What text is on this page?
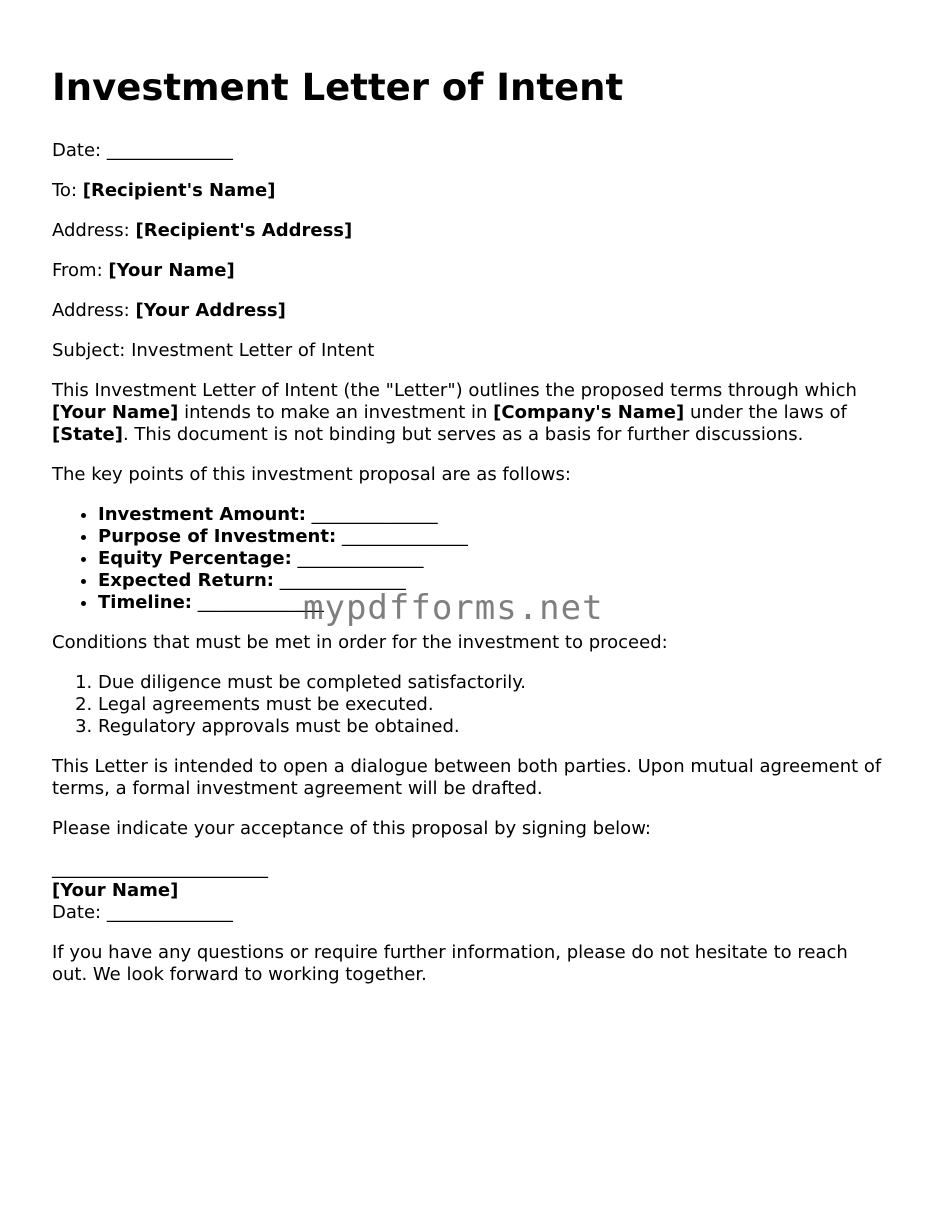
Investment Letter of Intent

Date: ______________

To: [Recipient's Name]

Address: [Recipient's Address]

From: [Your Name]

Address: [Your Address]

Subject: Investment Letter of Intent

This Investment Letter of Intent (the "Letter") outlines the proposed terms through which [Your Name] intends to make an investment in [Company's Name] under the laws of [State]. This document is not binding but serves as a basis for further discussions.

The key points of this investment proposal are as follows:

• Investment Amount: ______________
• Purpose of Investment: ______________
• Equity Percentage: ______________
• Expected Return: ______________
• Timeline: ______________

Conditions that must be met in order for the investment to proceed:

1. Due diligence must be completed satisfactorily.
2. Legal agreements must be executed.
3. Regulatory approvals must be obtained.

This Letter is intended to open a dialogue between both parties. Upon mutual agreement of terms, a formal investment agreement will be drafted.

Please indicate your acceptance of this proposal by signing below:

________________________

[Your Name]

Date: ______________

If you have any questions or require further information, please do not hesitate to reach out. We look forward to working together.

mypdfforms.net
